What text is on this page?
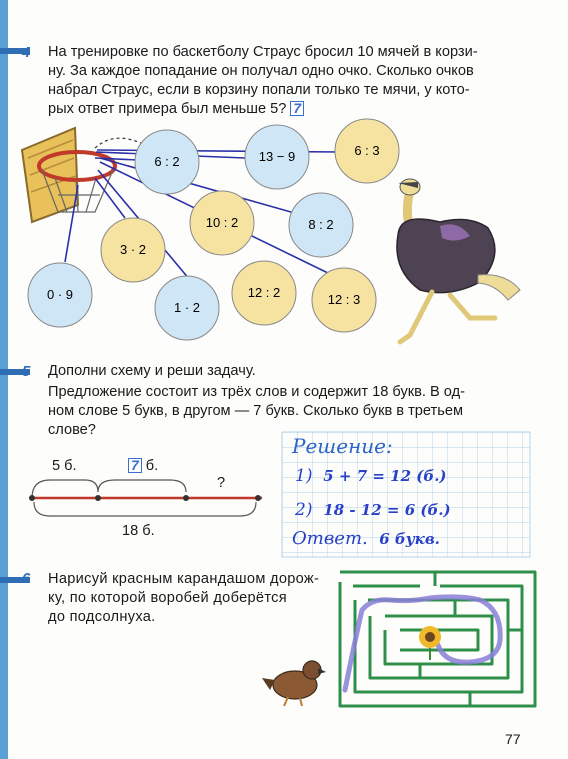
4 На тренировке по баскетболу Страус бросил 10 мячей в корзи-
ну. За каждое попадание он получал одно очко. Сколько очков
набрал Страус, если в корзину попали только те мячи, у кото-
рых ответ примера был меньше 5? 7
6 : 2	13 − 9	6 : 3
10 : 2	8 : 2
3 · 2
0 · 9
1 · 2
12 : 2	12 : 3
5 Дополни схему и реши задачу.
Предложение состоит из трёх слов и содержит 18 букв. В од-
ном слове 5 букв, в другом — 7 букв. Сколько букв в третьем
слове?
5 б.	7 б.
?
18 б.
Решение:
1) 5 + 7 = 12 (б.)
2) 18 - 12 = 6 (б.)
Ответ. 6 букв.
6 Нарисуй красным карандашом дорож-
ку, по которой воробей доберётся
до подсолнуха.
77
